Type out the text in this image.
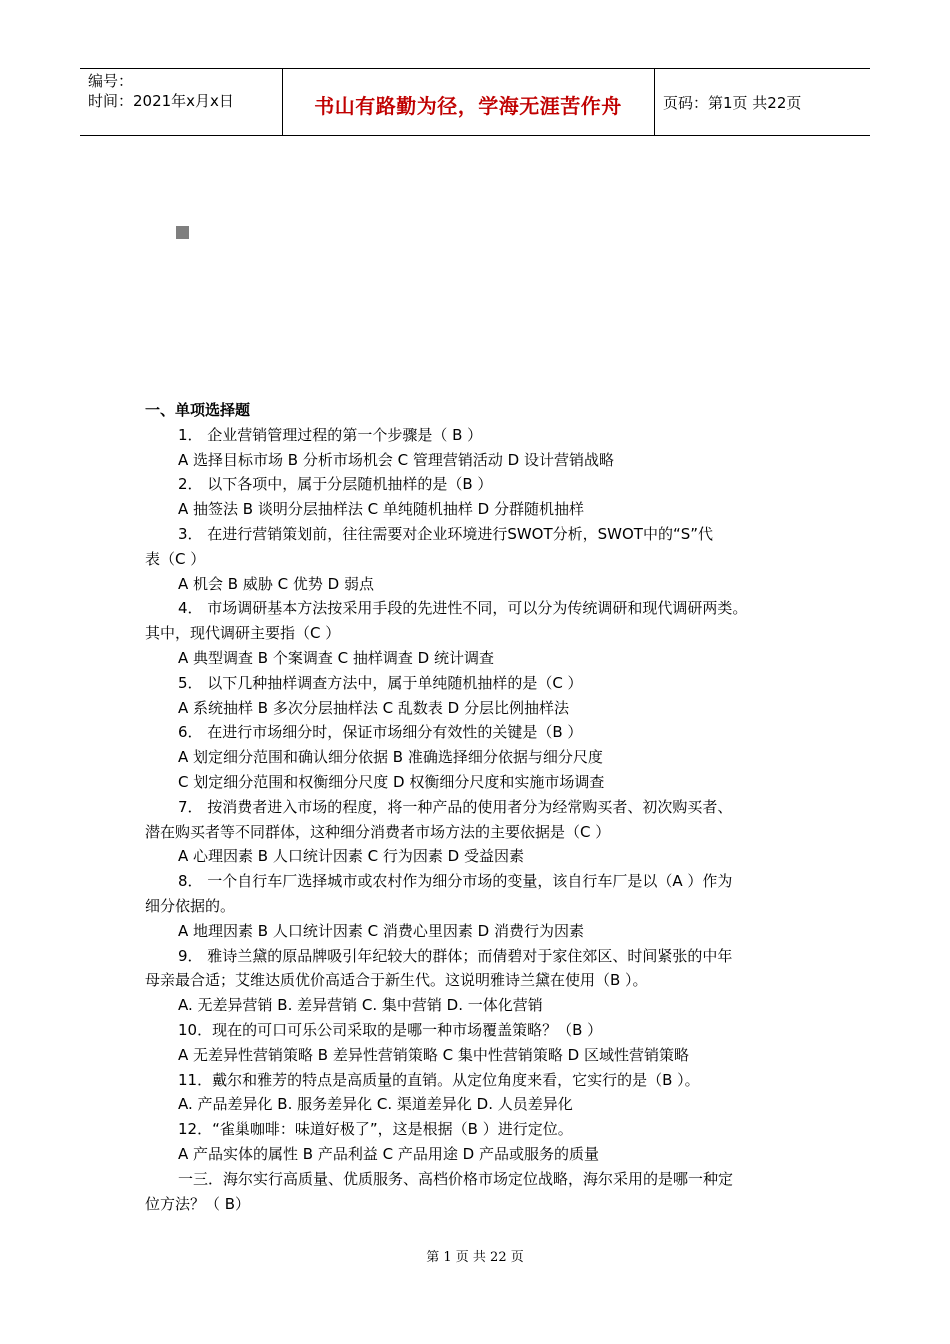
编号：
时间：2021年x月x日	书山有路勤为径，学海无涯苦作舟	页码：第1页 共22页
一、单项选择题
1． 企业营销管理过程的第一个步骤是（ B ）
A 选择目标市场 B 分析市场机会 C 管理营销活动 D 设计营销战略
2． 以下各项中，属于分层随机抽样的是（B ）
A 抽签法 B 谈明分层抽样法 C 单纯随机抽样 D 分群随机抽样
3． 在进行营销策划前，往往需要对企业环境进行SWOT分析，SWOT中的“S”代
表（C ）
A 机会 B 威胁 C 优势 D 弱点
4． 市场调研基本方法按采用手段的先进性不同，可以分为传统调研和现代调研两类。
其中，现代调研主要指（C ）
A 典型调查 B 个案调查 C 抽样调查 D 统计调查
5． 以下几种抽样调查方法中，属于单纯随机抽样的是（C ）
A 系统抽样 B 多次分层抽样法 C 乱数表 D 分层比例抽样法
6． 在进行市场细分时，保证市场细分有效性的关键是（B ）
A 划定细分范围和确认细分依据 B 准确选择细分依据与细分尺度
C 划定细分范围和权衡细分尺度 D 权衡细分尺度和实施市场调查
7． 按消费者进入市场的程度，将一种产品的使用者分为经常购买者、初次购买者、
潜在购买者等不同群体，这种细分消费者市场方法的主要依据是（C ）
A 心理因素 B 人口统计因素 C 行为因素 D 受益因素
8． 一个自行车厂选择城市或农村作为细分市场的变量，该自行车厂是以（A ）作为
细分依据的。
A 地理因素 B 人口统计因素 C 消费心里因素 D 消费行为因素
9． 雅诗兰黛的原品牌吸引年纪较大的群体；而倩碧对于家住郊区、时间紧张的中年
母亲最合适；艾维达质优价高适合于新生代。这说明雅诗兰黛在使用（B ）。
A. 无差异营销 B. 差异营销 C. 集中营销 D. 一体化营销
10．现在的可口可乐公司采取的是哪一种市场覆盖策略？（B ）
A 无差异性营销策略 B 差异性营销策略 C 集中性营销策略 D 区域性营销策略
11．戴尔和雅芳的特点是高质量的直销。从定位角度来看，它实行的是（B ）。
A. 产品差异化 B. 服务差异化 C. 渠道差异化 D. 人员差异化
12．“雀巢咖啡：味道好极了”，这是根据（B ）进行定位。
A 产品实体的属性 B 产品利益 C 产品用途 D 产品或服务的质量
一三．海尔实行高质量、优质服务、高档价格市场定位战略，海尔采用的是哪一种定
位方法？（ B）
第 1 页 共 22 页
